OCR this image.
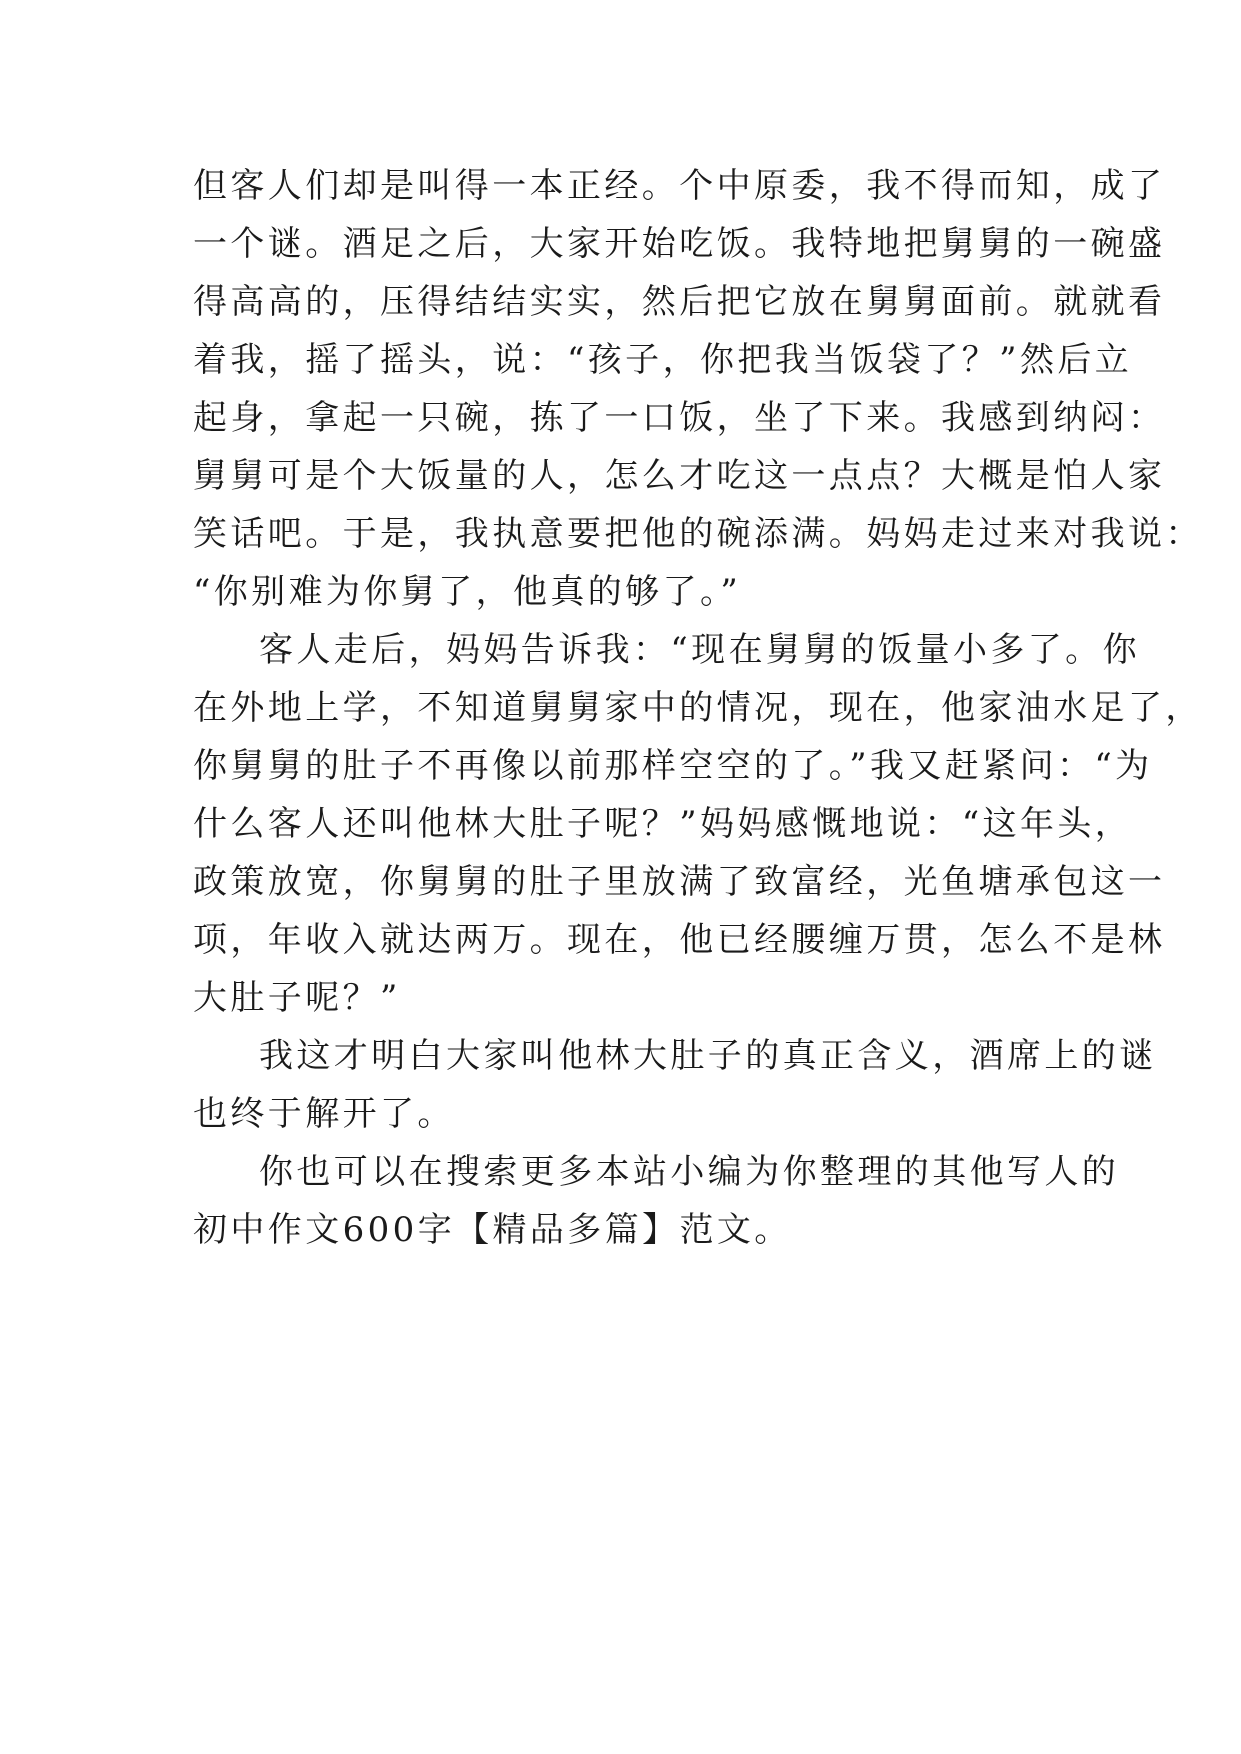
但客人们却是叫得一本正经。个中原委，我不得而知，成了
一个谜。酒足之后，大家开始吃饭。我特地把舅舅的一碗盛
得高高的，压得结结实实，然后把它放在舅舅面前。就就看
着我，摇了摇头，说：“孩子，你把我当饭袋了？”然后立
起身，拿起一只碗，拣了一口饭，坐了下来。我感到纳闷：
舅舅可是个大饭量的人，怎么才吃这一点点？大概是怕人家
笑话吧。于是，我执意要把他的碗添满。妈妈走过来对我说：
“你别难为你舅了，他真的够了。”
客人走后，妈妈告诉我：“现在舅舅的饭量小多了。你
在外地上学，不知道舅舅家中的情况，现在，他家油水足了，
你舅舅的肚子不再像以前那样空空的了。”我又赶紧问：“为
什么客人还叫他林大肚子呢？”妈妈感慨地说：“这年头，
政策放宽，你舅舅的肚子里放满了致富经，光鱼塘承包这一
项，年收入就达两万。现在，他已经腰缠万贯，怎么不是林
大肚子呢？”
我这才明白大家叫他林大肚子的真正含义，酒席上的谜
也终于解开了。
你也可以在搜索更多本站小编为你整理的其他写人的
初中作文600字【精品多篇】范文。
